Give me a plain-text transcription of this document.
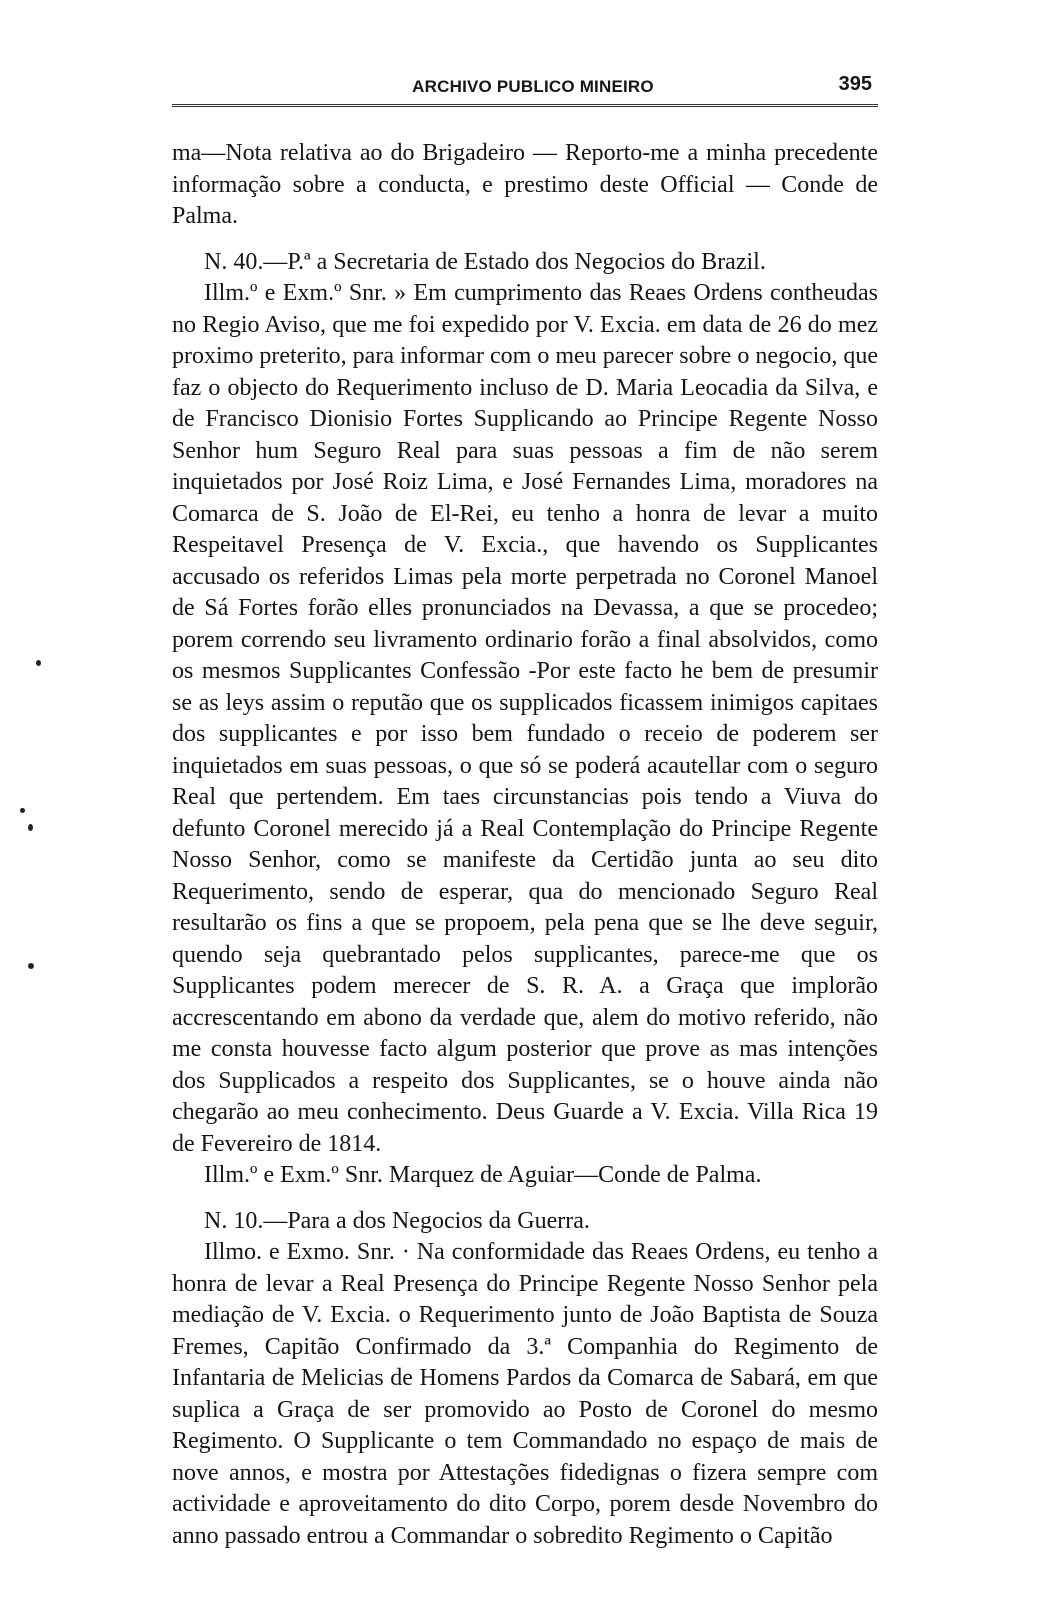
ARCHIVO PUBLICO MINEIRO	395

ma—Nota relativa ao do Brigadeiro — Reporto-me a minha precedente informação sobre a conducta, e prestimo deste Official — Conde de Palma.

N. 40.—P.ª a Secretaria de Estado dos Negocios do Brazil.

Illm.º e Exm.º Snr. » Em cumprimento das Reaes Ordens contheudas no Regio Aviso, que me foi expedido por V. Excia. em data de 26 do mez proximo preterito, para informar com o meu parecer sobre o negocio, que faz o objecto do Requerimento incluso de D. Maria Leocadia da Silva, e de Francisco Dionisio Fortes Supplicando ao Principe Regente Nosso Senhor hum Seguro Real para suas pessoas a fim de não serem inquietados por José Roiz Lima, e José Fernandes Lima, moradores na Comarca de S. João de El-Rei, eu tenho a honra de levar a muito Respeitavel Presença de V. Excia., que havendo os Supplicantes accusado os referidos Limas pela morte perpetrada no Coronel Manoel de Sá Fortes forão elles pronunciados na Devassa, a que se procedeo; porem correndo seu livramento ordinario forão a final absolvidos, como os mesmos Supplicantes Confessão -Por este facto he bem de presumir se as leys assim o reputão que os supplicados ficassem inimigos capitaes dos supplicantes e por isso bem fundado o receio de poderem ser inquietados em suas pessoas, o que só se poderá acautellar com o seguro Real que pertendem. Em taes circunstancias pois tendo a Viuva do defunto Coronel merecido já a Real Contemplação do Principe Regente Nosso Senhor, como se manifeste da Certidão junta ao seu dito Requerimento, sendo de esperar, qua do mencionado Seguro Real resultarão os fins a que se propoem, pela pena que se lhe deve seguir, quendo seja quebrantado pelos supplicantes, parece-me que os Supplicantes podem merecer de S. R. A. a Graça que implorão accrescentando em abono da verdade que, alem do motivo referido, não me consta houvesse facto algum posterior que prove as mas intenções dos Supplicados a respeito dos Supplicantes, se o houve ainda não chegarão ao meu conhecimento. Deus Guarde a V. Excia. Villa Rica 19 de Fevereiro de 1814.

Illm.º e Exm.º Snr. Marquez de Aguiar—Conde de Palma.

N. 10.—Para a dos Negocios da Guerra.

Illmo. e Exmo. Snr. · Na conformidade das Reaes Ordens, eu tenho a honra de levar a Real Presença do Principe Regente Nosso Senhor pela mediação de V. Excia. o Requerimento junto de João Baptista de Souza Fremes, Capitão Confirmado da 3.ª Companhia do Regimento de Infantaria de Melicias de Homens Pardos da Comarca de Sabará, em que suplica a Graça de ser promovido ao Posto de Coronel do mesmo Regimento. O Supplicante o tem Commandado no espaço de mais de nove annos, e mostra por Attestações fidedignas o fizera sempre com actividade e aproveitamento do dito Corpo, porem desde Novembro do anno passado entrou a Commandar o sobredito Regimento o Capitão
